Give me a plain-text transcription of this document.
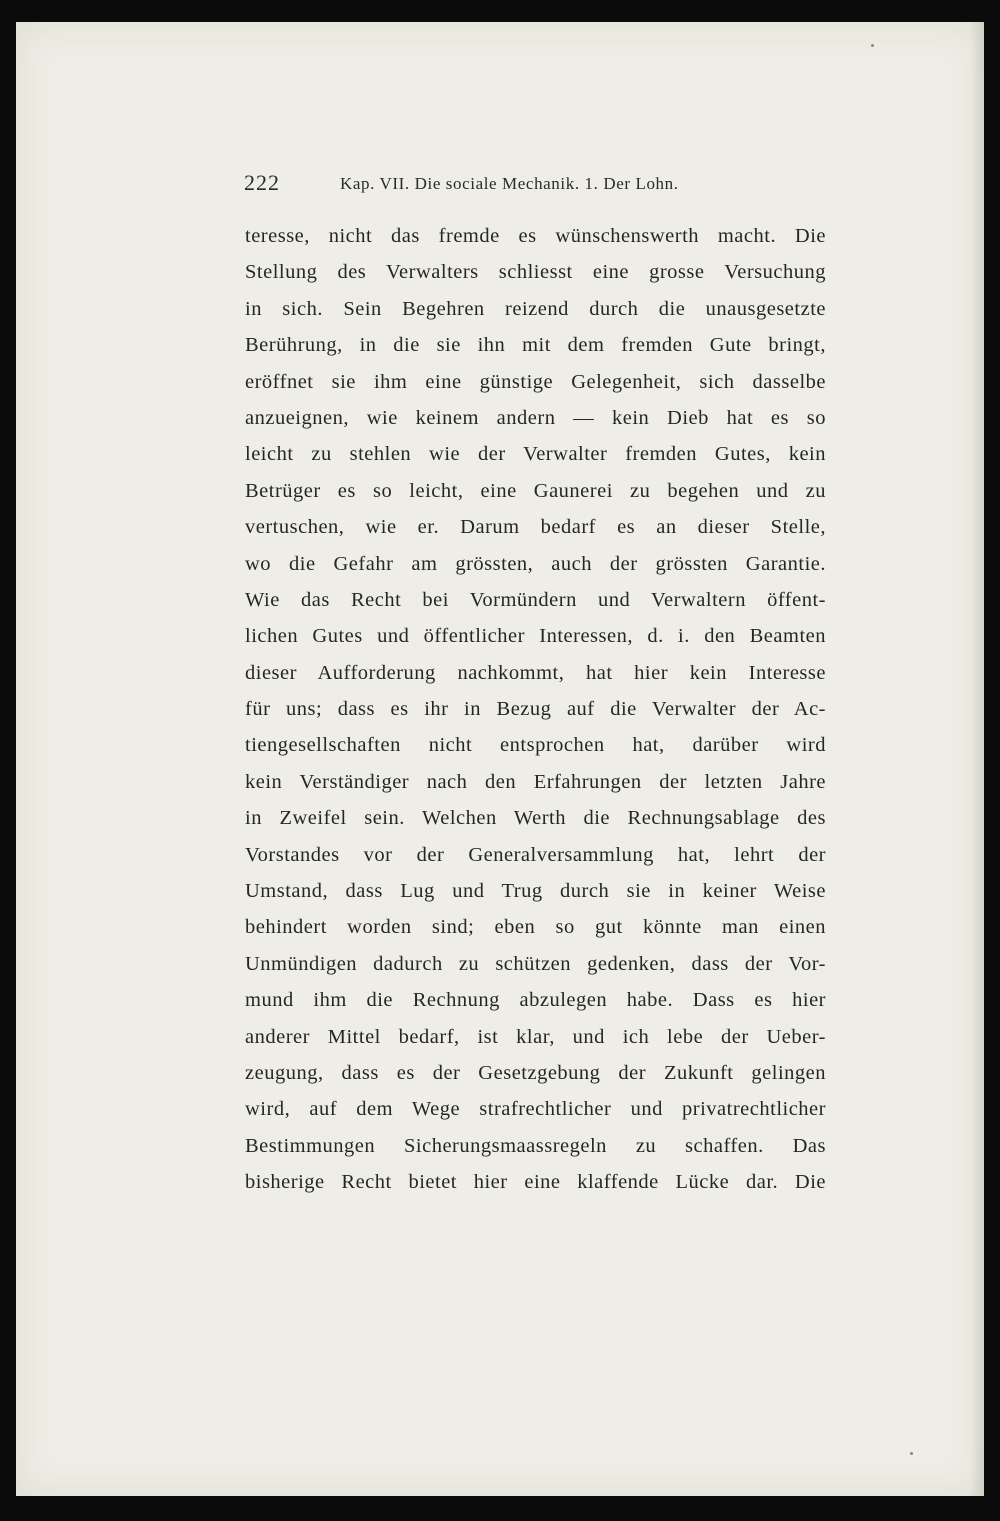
222	Kap. VII. Die sociale Mechanik. 1. Der Lohn.
teresse, nicht das fremde es wünschenswerth macht. Die
Stellung des Verwalters schliesst eine grosse Versuchung
in sich. Sein Begehren reizend durch die unausgesetzte
Berührung, in die sie ihn mit dem fremden Gute bringt,
eröffnet sie ihm eine günstige Gelegenheit, sich dasselbe
anzueignen, wie keinem andern — kein Dieb hat es so
leicht zu stehlen wie der Verwalter fremden Gutes, kein
Betrüger es so leicht, eine Gaunerei zu begehen und zu
vertuschen, wie er. Darum bedarf es an dieser Stelle,
wo die Gefahr am grössten, auch der grössten Garantie.
Wie das Recht bei Vormündern und Verwaltern öffent-
lichen Gutes und öffentlicher Interessen, d. i. den Beamten
dieser Aufforderung nachkommt, hat hier kein Interesse
für uns; dass es ihr in Bezug auf die Verwalter der Ac-
tiengesellschaften nicht entsprochen hat, darüber wird
kein Verständiger nach den Erfahrungen der letzten Jahre
in Zweifel sein. Welchen Werth die Rechnungsablage des
Vorstandes vor der Generalversammlung hat, lehrt der
Umstand, dass Lug und Trug durch sie in keiner Weise
behindert worden sind; eben so gut könnte man einen
Unmündigen dadurch zu schützen gedenken, dass der Vor-
mund ihm die Rechnung abzulegen habe. Dass es hier
anderer Mittel bedarf, ist klar, und ich lebe der Ueber-
zeugung, dass es der Gesetzgebung der Zukunft gelingen
wird, auf dem Wege strafrechtlicher und privatrechtlicher
Bestimmungen Sicherungsmaassregeln zu schaffen. Das
bisherige Recht bietet hier eine klaffende Lücke dar. Die
